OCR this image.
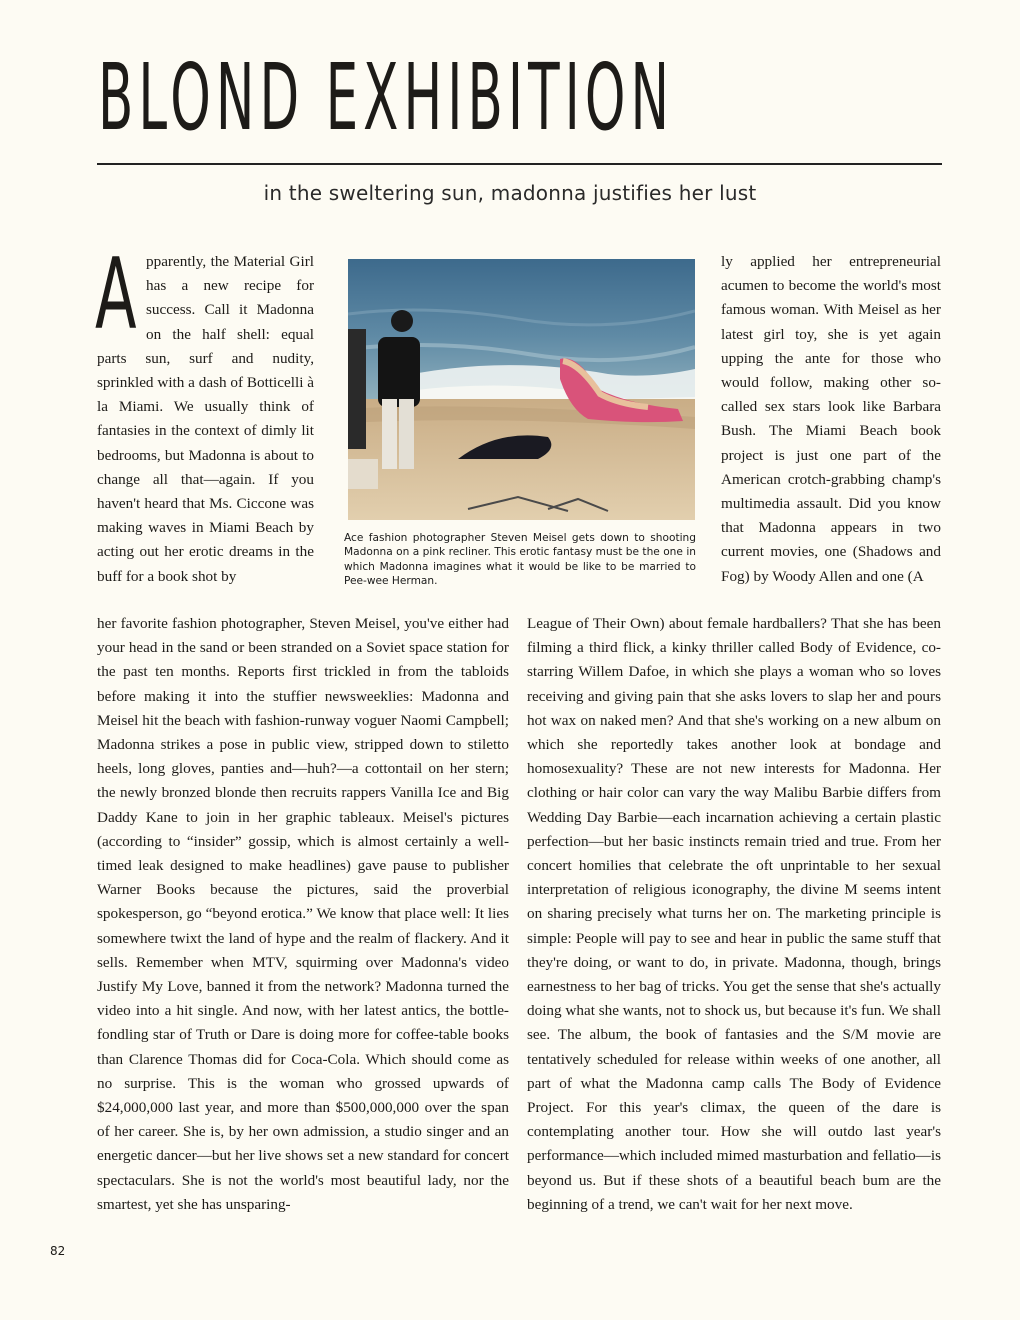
BLOND EXHIBITION

in the sweltering sun, madonna justifies her lust

Apparently, the Material Girl has a new recipe for success. Call it Madonna on the half shell: equal parts sun, surf and nudity, sprinkled with a dash of Botticelli à la Miami. We usually think of fantasies in the context of dimly lit bedrooms, but Madonna is about to change all that—again. If you haven't heard that Ms. Ciccone was making waves in Miami Beach by acting out her erotic dreams in the buff for a book shot by

Ace fashion photographer Steven Meisel gets down to shooting Madonna on a pink recliner. This erotic fantasy must be the one in which Madonna imagines what it would be like to be married to Pee-wee Herman.

ly applied her entrepreneurial acumen to become the world's most famous woman. With Meisel as her latest girl toy, she is yet again upping the ante for those who would follow, making other so-called sex stars look like Barbara Bush. The Miami Beach book project is just one part of the American crotch-grabbing champ's multimedia assault. Did you know that Madonna appears in two current movies, one (Shadows and Fog) by Woody Allen and one (A

her favorite fashion photographer, Steven Meisel, you've either had your head in the sand or been stranded on a Soviet space station for the past ten months. Reports first trickled in from the tabloids before making it into the stuffier newsweeklies: Madonna and Meisel hit the beach with fashion-runway voguer Naomi Campbell; Madonna strikes a pose in public view, stripped down to stiletto heels, long gloves, panties and—huh?—a cottontail on her stern; the newly bronzed blonde then recruits rappers Vanilla Ice and Big Daddy Kane to join in her graphic tableaux. Meisel's pictures (according to “insider” gossip, which is almost certainly a well-timed leak designed to make headlines) gave pause to publisher Warner Books because the pictures, said the proverbial spokesperson, go “beyond erotica.” We know that place well: It lies somewhere twixt the land of hype and the realm of flackery. And it sells. Remember when MTV, squirming over Madonna's video Justify My Love, banned it from the network? Madonna turned the video into a hit single. And now, with her latest antics, the bottle-fondling star of Truth or Dare is doing more for coffee-table books than Clarence Thomas did for Coca-Cola. Which should come as no surprise. This is the woman who grossed upwards of $24,000,000 last year, and more than $500,000,000 over the span of her career. She is, by her own admission, a studio singer and an energetic dancer—but her live shows set a new standard for concert spectaculars. She is not the world's most beautiful lady, nor the smartest, yet she has unsparing-

League of Their Own) about female hardballers? That she has been filming a third flick, a kinky thriller called Body of Evidence, co-starring Willem Dafoe, in which she plays a woman who so loves receiving and giving pain that she asks lovers to slap her and pours hot wax on naked men? And that she's working on a new album on which she reportedly takes another look at bondage and homosexuality? These are not new interests for Madonna. Her clothing or hair color can vary the way Malibu Barbie differs from Wedding Day Barbie—each incarnation achieving a certain plastic perfection—but her basic instincts remain tried and true. From her concert homilies that celebrate the oft unprintable to her sexual interpretation of religious iconography, the divine M seems intent on sharing precisely what turns her on. The marketing principle is simple: People will pay to see and hear in public the same stuff that they're doing, or want to do, in private. Madonna, though, brings earnestness to her bag of tricks. You get the sense that she's actually doing what she wants, not to shock us, but because it's fun. We shall see. The album, the book of fantasies and the S/M movie are tentatively scheduled for release within weeks of one another, all part of what the Madonna camp calls The Body of Evidence Project. For this year's climax, the queen of the dare is contemplating another tour. How she will outdo last year's performance—which included mimed masturbation and fellatio—is beyond us. But if these shots of a beautiful beach bum are the beginning of a trend, we can't wait for her next move.

82
